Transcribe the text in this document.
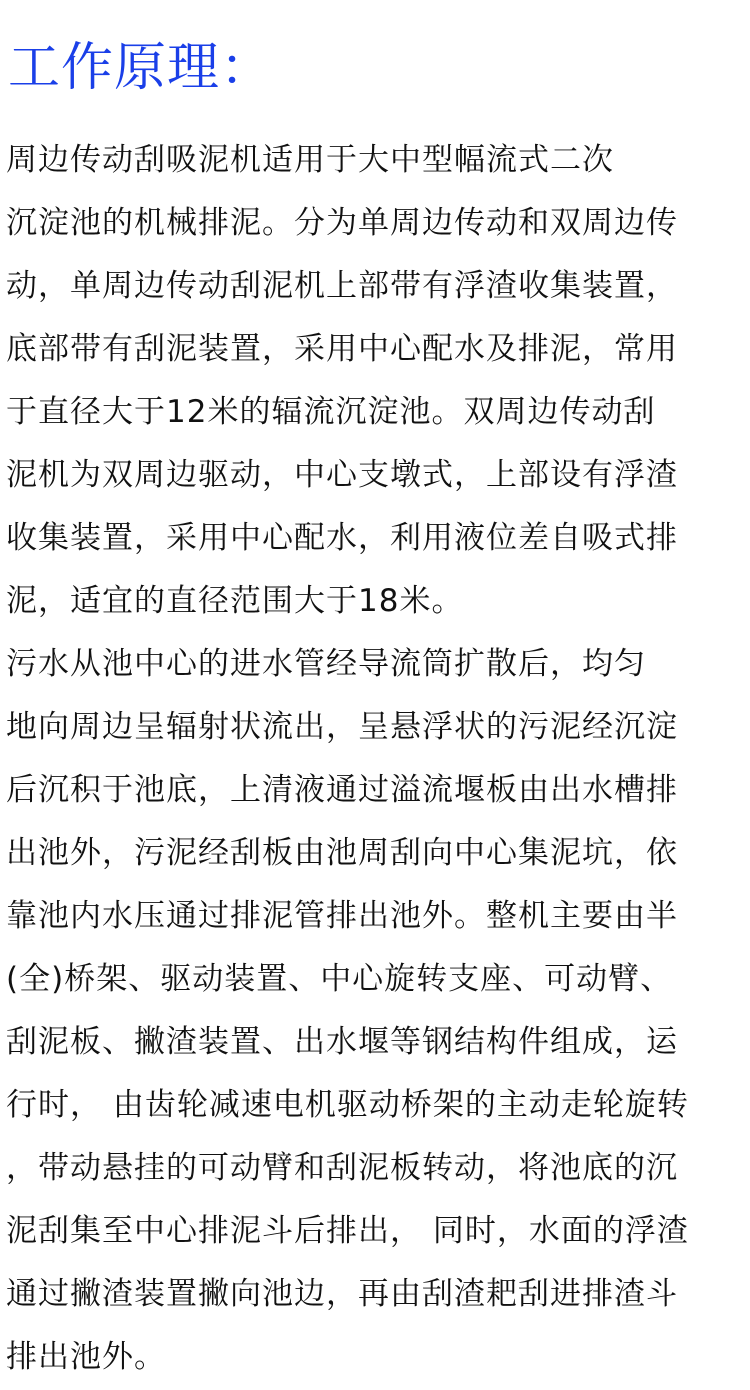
工作原理：

周边传动刮吸泥机适用于大中型幅流式二次

沉淀池的机械排泥。分为单周边传动和双周边传

动，单周边传动刮泥机上部带有浮渣收集装置，

底部带有刮泥装置，采用中心配水及排泥，常用

于直径大于12米的辐流沉淀池。双周边传动刮

泥机为双周边驱动，中心支墩式，上部设有浮渣

收集装置，采用中心配水，利用液位差自吸式排

泥，适宜的直径范围大于18米。

污水从池中心的进水管经导流筒扩散后，均匀

地向周边呈辐射状流出，呈悬浮状的污泥经沉淀

后沉积于池底，上清液通过溢流堰板由出水槽排

出池外，污泥经刮板由池周刮向中心集泥坑，依

靠池内水压通过排泥管排出池外。整机主要由半

(全)桥架、驱动装置、中心旋转支座、可动臂、

刮泥板、撇渣装置、出水堰等钢结构件组成，运

行时， 由齿轮减速电机驱动桥架的主动走轮旋转

，带动悬挂的可动臂和刮泥板转动，将池底的沉

泥刮集至中心排泥斗后排出， 同时，水面的浮渣

通过撇渣装置撇向池边，再由刮渣耙刮进排渣斗

排出池外。
